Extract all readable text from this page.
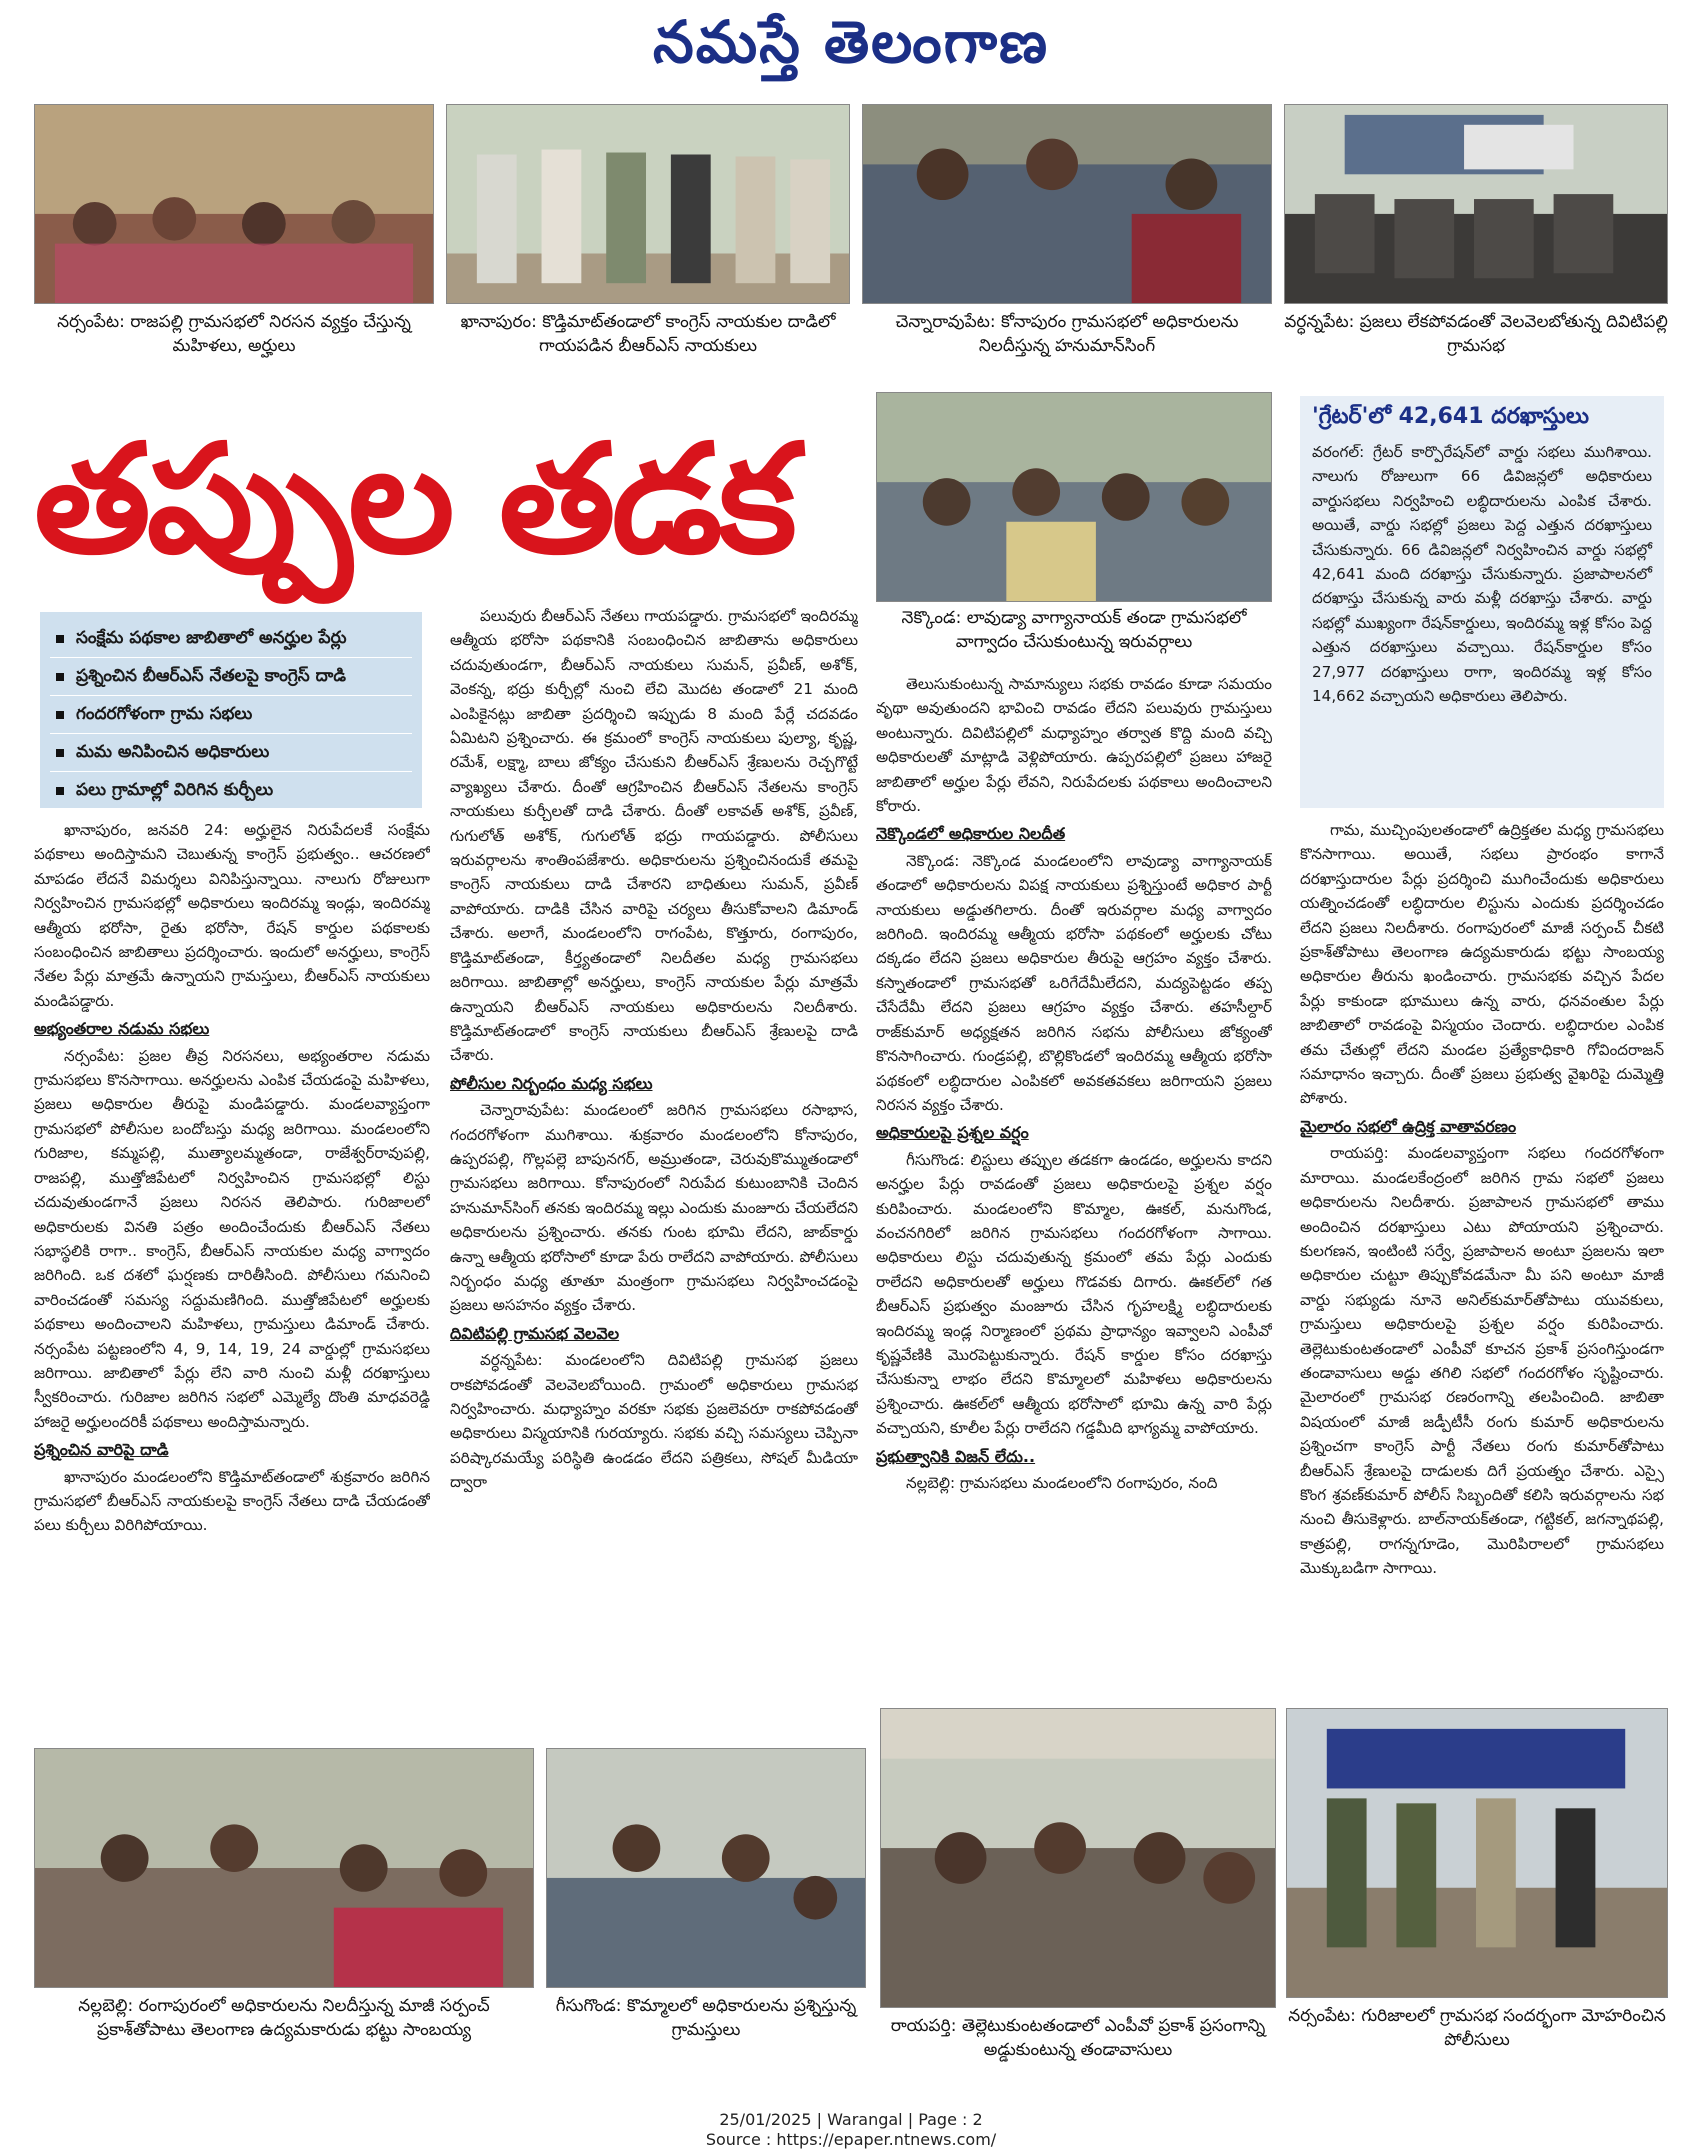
నమస్తే తెలంగాణ
నర్సంపేట: రాజపల్లి గ్రామసభలో నిరసన వ్యక్తం చేస్తున్న మహిళలు, అర్హులు
ఖానాపురం: కొడ్తిమాట్‌తండాలో కాంగ్రెస్ నాయకుల దాడిలో గాయపడిన బీఆర్‌ఎస్ నాయకులు
చెన్నారావుపేట: కోనాపురం గ్రామసభలో అధికారులను నిలదీస్తున్న హనుమాన్‌సింగ్
వర్ధన్నపేట: ప్రజలు లేకపోవడంతో వెలవెలబోతున్న దివిటిపల్లి గ్రామసభ
తప్పుల తడక
సంక్షేమ పథకాల జాబితాలో అనర్హుల పేర్లు
ప్రశ్నించిన బీఆర్‌ఎస్ నేతలపై కాంగ్రెస్ దాడి
గందరగోళంగా గ్రామ సభలు
మమ అనిపించిన అధికారులు
పలు గ్రామాల్లో విరిగిన కుర్చీలు
నెక్కొండ: లావుడ్యా వాగ్యానాయక్ తండా గ్రామసభలో వాగ్వాదం చేసుకుంటున్న ఇరువర్గాలు
'గ్రేటర్'లో 42,641 దరఖాస్తులు
వరంగల్: గ్రేటర్ కార్పొరేషన్‌లో వార్డు సభలు ముగిశాయి. నాలుగు రోజులుగా 66 డివిజన్లలో అధికారులు వార్డుసభలు నిర్వహించి లబ్ధిదారులను ఎంపిక చేశారు. అయితే, వార్డు సభల్లో ప్రజలు పెద్ద ఎత్తున దరఖాస్తులు చేసుకున్నారు. 66 డివిజన్లలో నిర్వహించిన వార్డు సభల్లో 42,641 మంది దరఖాస్తు చేసుకున్నారు. ప్రజాపాలనలో దరఖాస్తు చేసుకున్న వారు మళ్లీ దరఖాస్తు చేశారు. వార్డు సభల్లో ముఖ్యంగా రేషన్‌కార్డులు, ఇందిరమ్మ ఇళ్ల కోసం పెద్ద ఎత్తున దరఖాస్తులు వచ్చాయి. రేషన్‌కార్డుల కోసం 27,977 దరఖాస్తులు రాగా, ఇందిరమ్మ ఇళ్ల కోసం 14,662 వచ్చాయని అధికారులు తెలిపారు.

ఖానాపురం, జనవరి 24: అర్హులైన నిరుపేదలకే సంక్షేమ పథకాలు అందిస్తామని చెబుతున్న కాంగ్రెస్ ప్రభుత్వం.. ఆచరణలో మాపడం లేదనే విమర్శలు వినిపిస్తున్నాయి. నాలుగు రోజులుగా నిర్వహించిన గ్రామసభల్లో అధికారులు ఇందిరమ్మ ఇండ్లు, ఇందిరమ్మ ఆత్మీయ భరోసా, రైతు భరోసా, రేషన్ కార్డుల పథకాలకు సంబంధించిన జాబితాలు ప్రదర్శించారు. ఇందులో అనర్హులు, కాంగ్రెస్ నేతల పేర్లు మాత్రమే ఉన్నాయని గ్రామస్తులు, బీఆర్‌ఎస్ నాయకులు మండిపడ్డారు.

అభ్యంతరాల నడుమ సభలు

నర్సంపేట: ప్రజల తీవ్ర నిరసనలు, అభ్యంతరాల నడుమ గ్రామసభలు కొనసాగాయి. అనర్హులను ఎంపిక చేయడంపై మహిళలు, ప్రజలు అధికారుల తీరుపై మండిపడ్డారు. మండలవ్యాప్తంగా గ్రామసభలో పోలీసుల బందోబస్తు మధ్య జరిగాయి. మండలంలోని గురిజాల, కమ్మపల్లి, ముత్యాలమ్మతండా, రాజేశ్వర్‌రావుపల్లి, రాజపల్లి, ముత్తోజిపేటలో నిర్వహించిన గ్రామసభల్లో లిస్టు చదువుతుండగానే ప్రజలు నిరసన తెలిపారు. గురిజాలలో అధికారులకు వినతి పత్రం అందించేందుకు బీఆర్‌ఎస్ నేతలు సభాస్థలికి రాగా.. కాంగ్రెస్, బీఆర్‌ఎస్ నాయకుల మధ్య వాగ్వాదం జరిగింది. ఒక దశలో ఘర్షణకు దారితీసింది. పోలీసులు గమనించి వారించడంతో సమస్య సద్దుమణిగింది. ముత్తోజిపేటలో అర్హులకు పథకాలు అందించాలని మహిళలు, గ్రామస్తులు డిమాండ్ చేశారు. నర్సంపేట పట్టణంలోని 4, 9, 14, 19, 24 వార్డుల్లో గ్రామసభలు జరిగాయి. జాబితాలో పేర్లు లేని వారి నుంచి మళ్లీ దరఖాస్తులు స్వీకరించారు. గురిజాల జరిగిన సభలో ఎమ్మెల్యే దొంతి మాధవరెడ్డి హాజరై అర్హులందరికీ పథకాలు అందిస్తామన్నారు.

ప్రశ్నించిన వారిపై దాడి

ఖానాపురం మండలంలోని కొడ్తిమాట్‌తండాలో శుక్రవారం జరిగిన గ్రామసభలో బీఆర్‌ఎస్ నాయకులపై కాంగ్రెస్ నేతలు దాడి చేయడంతో పలు కుర్చీలు విరిగిపోయాయి.

పలువురు బీఆర్‌ఎస్ నేతలు గాయపడ్డారు. గ్రామసభలో ఇందిరమ్మ ఆత్మీయ భరోసా పథకానికి సంబంధించిన జాబితాను అధికారులు చదువుతుండగా, బీఆర్‌ఎస్ నాయకులు సుమన్, ప్రవీణ్, అశోక్, వెంకన్న, భద్రు కుర్చీల్లో నుంచి లేచి మొదట తండాలో 21 మంది ఎంపికైనట్లు జాబితా ప్రదర్శించి ఇప్పుడు 8 మంది పేర్లే చదవడం ఏమిటని ప్రశ్నించారు. ఈ క్రమంలో కాంగ్రెస్ నాయకులు పుల్యా, కృష్ణ, రమేశ్, లక్ష్మా, బాలు జోక్యం చేసుకుని బీఆర్‌ఎస్ శ్రేణులను రెచ్చగొట్టే వ్యాఖ్యలు చేశారు. దీంతో ఆగ్రహించిన బీఆర్‌ఎస్ నేతలను కాంగ్రెస్ నాయకులు కుర్చీలతో దాడి చేశారు. దీంతో లకావత్ అశోక్, ప్రవీణ్, గుగులోత్ అశోక్, గుగులోత్ భద్రు గాయపడ్డారు. పోలీసులు ఇరువర్గాలను శాంతింపజేశారు. అధికారులను ప్రశ్నించినందుకే తమపై కాంగ్రెస్ నాయకులు దాడి చేశారని బాధితులు సుమన్, ప్రవీణ్ వాపోయారు. దాడికి చేసిన వారిపై చర్యలు తీసుకోవాలని డిమాండ్ చేశారు. అలాగే, మండలంలోని రాగంపేట, కొత్తూరు, రంగాపురం, కొడ్తిమాట్‌తండా, కీర్త్యతండాలో నిలదీతల మధ్య గ్రామసభలు జరిగాయి. జాబితాల్లో అనర్హులు, కాంగ్రెస్ నాయకుల పేర్లు మాత్రమే ఉన్నాయని బీఆర్‌ఎస్ నాయకులు అధికారులను నిలదీశారు. కొడ్తిమాట్‌తండాలో కాంగ్రెస్ నాయకులు బీఆర్‌ఎస్ శ్రేణులపై దాడి చేశారు.

పోలీసుల నిర్బంధం మధ్య సభలు

చెన్నారావుపేట: మండలంలో జరిగిన గ్రామసభలు రసాభాస, గందరగోళంగా ముగిశాయి. శుక్రవారం మండలంలోని కోనాపురం, ఉప్పరపల్లి, గొల్లపల్లె బాపునగర్, అమ్రుతండా, చెరువుకొమ్ముతండాలో గ్రామసభలు జరిగాయి. కోనాపురంలో నిరుపేద కుటుంబానికి చెందిన హనుమాన్‌సింగ్ తనకు ఇందిరమ్మ ఇల్లు ఎందుకు మంజూరు చేయలేదని అధికారులను ప్రశ్నించారు. తనకు గుంట భూమి లేదని, జాబ్‌కార్డు ఉన్నా ఆత్మీయ భరోసాలో కూడా పేరు రాలేదని వాపోయారు. పోలీసులు నిర్బంధం మధ్య తూతూ మంత్రంగా గ్రామసభలు నిర్వహించడంపై ప్రజలు అసహనం వ్యక్తం చేశారు.

దివిటిపల్లి గ్రామసభ వెలవెల

వర్ధన్నపేట: మండలంలోని దివిటిపల్లి గ్రామసభ ప్రజలు రాకపోవడంతో వెలవెలబోయింది. గ్రామంలో అధికారులు గ్రామసభ నిర్వహించారు. మధ్యాహ్నం వరకూ సభకు ప్రజలెవరూ రాకపోవడంతో అధికారులు విస్మయానికి గురయ్యారు. సభకు వచ్చి సమస్యలు చెప్పినా పరిష్కారమయ్యే పరిస్థితి ఉండడం లేదని పత్రికలు, సోషల్ మీడియా ద్వారా

తెలుసుకుంటున్న సామాన్యులు సభకు రావడం కూడా సమయం వృథా అవుతుందని భావించి రావడం లేదని పలువురు గ్రామస్తులు అంటున్నారు. దివిటిపల్లిలో మధ్యాహ్నం తర్వాత కొద్ది మంది వచ్చి అధికారులతో మాట్లాడి వెళ్లిపోయారు. ఉప్పరపల్లిలో ప్రజలు హాజరై జాబితాలో అర్హుల పేర్లు లేవని, నిరుపేదలకు పథకాలు అందించాలని కోరారు.

నెక్కొండలో అధికారుల నిలదీత

నెక్కొండ: నెక్కొండ మండలంలోని లావుడ్యా వాగ్యానాయక్ తండాలో అధికారులను విపక్ష నాయకులు ప్రశ్నిస్తుంటే అధికార పార్టీ నాయకులు అడ్డుతగిలారు. దీంతో ఇరువర్గాల మధ్య వాగ్వాదం జరిగింది. ఇందిరమ్మ ఆత్మీయ భరోసా పథకంలో అర్హులకు చోటు దక్కడం లేదని ప్రజలు అధికారుల తీరుపై ఆగ్రహం వ్యక్తం చేశారు. కస్నాతండాలో గ్రామసభతో ఒరిగేదేమీలేదని, మద్యపెట్టడం తప్ప చేసేదేమీ లేదని ప్రజలు ఆగ్రహం వ్యక్తం చేశారు. తహసీల్దార్ రాజ్‌కుమార్ అధ్యక్షతన జరిగిన సభను పోలీసులు జోక్యంతో కొనసాగించారు. గుండ్రపల్లి, బొల్లికొండలో ఇందిరమ్మ ఆత్మీయ భరోసా పథకంలో లబ్ధిదారుల ఎంపికలో అవకతవకలు జరిగాయని ప్రజలు నిరసన వ్యక్తం చేశారు.

అధికారులపై ప్రశ్నల వర్షం

గీసుగొండ: లిస్టులు తప్పుల తడకగా ఉండడం, అర్హులను కాదని అనర్హుల పేర్లు రావడంతో ప్రజలు అధికారులపై ప్రశ్నల వర్షం కురిపించారు. మండలంలోని కొమ్మాల, ఊకల్, మనుగొండ, వంచనగిరిలో జరిగిన గ్రామసభలు గందరగోళంగా సాగాయి. అధికారులు లిస్టు చదువుతున్న క్రమంలో తమ పేర్లు ఎందుకు రాలేదని అధికారులతో అర్హులు గొడవకు దిగారు. ఊకల్‌లో గత బీఆర్‌ఎస్ ప్రభుత్వం మంజూరు చేసిన గృహలక్ష్మి లబ్ధిదారులకు ఇందిరమ్మ ఇండ్ల నిర్మాణంలో ప్రథమ ప్రాధాన్యం ఇవ్వాలని ఎంపీవో కృష్ణవేణికి మొరపెట్టుకున్నారు. రేషన్ కార్డుల కోసం దరఖాస్తు చేసుకున్నా లాభం లేదని కొమ్మాలలో మహిళలు అధికారులను ప్రశ్నించారు. ఊకల్‌లో ఆత్మీయ భరోసాలో భూమి ఉన్న వారి పేర్లు వచ్చాయని, కూలీల పేర్లు రాలేదని గడ్డమీది భాగ్యమ్మ వాపోయారు.

ప్రభుత్వానికి విజన్ లేదు..

నల్లబెల్లి: గ్రామసభలు మండలంలోని రంగాపురం, నంది

గామ, ముచ్చింపులతండాలో ఉద్రిక్తతల మధ్య గ్రామసభలు కొనసాగాయి. అయితే, సభలు ప్రారంభం కాగానే దరఖాస్తుదారుల పేర్లు ప్రదర్శించి ముగించేందుకు అధికారులు యత్నించడంతో లబ్ధిదారుల లిస్టును ఎందుకు ప్రదర్శించడం లేదని ప్రజలు నిలదీశారు. రంగాపురంలో మాజీ సర్పంచ్ చీకటి ప్రకాశ్‌తోపాటు తెలంగాణ ఉద్యమకారుడు భట్టు సాంబయ్య అధికారుల తీరును ఖండించారు. గ్రామసభకు వచ్చిన పేదల పేర్లు కాకుండా భూములు ఉన్న వారు, ధనవంతుల పేర్లు జాబితాలో రావడంపై విస్మయం చెందారు. లబ్ధిదారుల ఎంపిక తమ చేతుల్లో లేదని మండల ప్రత్యేకాధికారి గోవిందరాజన్ సమాధానం ఇచ్చారు. దీంతో ప్రజలు ప్రభుత్వ వైఖరిపై దుమ్మెత్తి పోశారు.

మైలారం సభలో ఉద్రిక్త వాతావరణం

రాయపర్తి: మండలవ్యాప్తంగా సభలు గందరగోళంగా మారాయి. మండలకేంద్రంలో జరిగిన గ్రామ సభలో ప్రజలు అధికారులను నిలదీశారు. ప్రజాపాలన గ్రామసభలో తాము అందించిన దరఖాస్తులు ఎటు పోయాయని ప్రశ్నించారు. కులగణన, ఇంటింటి సర్వే, ప్రజాపాలన అంటూ ప్రజలను ఇలా అధికారుల చుట్టూ తిప్పుకోవడమేనా మీ పని అంటూ మాజీ వార్డు సభ్యుడు నూనె అనిల్‌కుమార్‌తోపాటు యువకులు, గ్రామస్తులు అధికారులపై ప్రశ్నల వర్షం కురిపించారు. తెల్లెటుకుంటతండాలో ఎంపీవో కూచన ప్రకాశ్ ప్రసంగిస్తుండగా తండావాసులు అడ్డు తగిలి సభలో గందరగోళం సృష్టించారు. మైలారంలో గ్రామసభ రణరంగాన్ని తలపించింది. జాబితా విషయంలో మాజీ జడ్పీటీసీ రంగు కుమార్ అధికారులను ప్రశ్నించగా కాంగ్రెస్ పార్టీ నేతలు రంగు కుమార్‌తోపాటు బీఆర్‌ఎస్ శ్రేణులపై దాడులకు దిగే ప్రయత్నం చేశారు. ఎస్సై కొంగ శ్రవణ్‌కుమార్ పోలీస్ సిబ్బందితో కలిసి ఇరువర్గాలను సభ నుంచి తీసుకెళ్లారు. బాల్‌నాయక్‌తండా, గట్టికల్, జగన్నాథపల్లి, కాత్రపల్లి, రాగన్నగూడెం, మొరిపిరాలలో గ్రామసభలు మొక్కుబడిగా సాగాయి.

నల్లబెల్లి: రంగాపురంలో అధికారులను నిలదీస్తున్న మాజీ సర్పంచ్ ప్రకాశ్‌తోపాటు తెలంగాణ ఉద్యమకారుడు భట్టు సాంబయ్య
గీసుగొండ: కొమ్మాలలో అధికారులను ప్రశ్నిస్తున్న గ్రామస్తులు	రాయపర్తి: తెల్లెటుకుంటతండాలో ఎంపీవో ప్రకాశ్ ప్రసంగాన్ని అడ్డుకుంటున్న తండావాసులు
నర్సంపేట: గురిజాలలో గ్రామసభ సందర్భంగా మోహరించిన పోలీసులు
25/01/2025 | Warangal | Page : 2
Source : https://epaper.ntnews.com/
